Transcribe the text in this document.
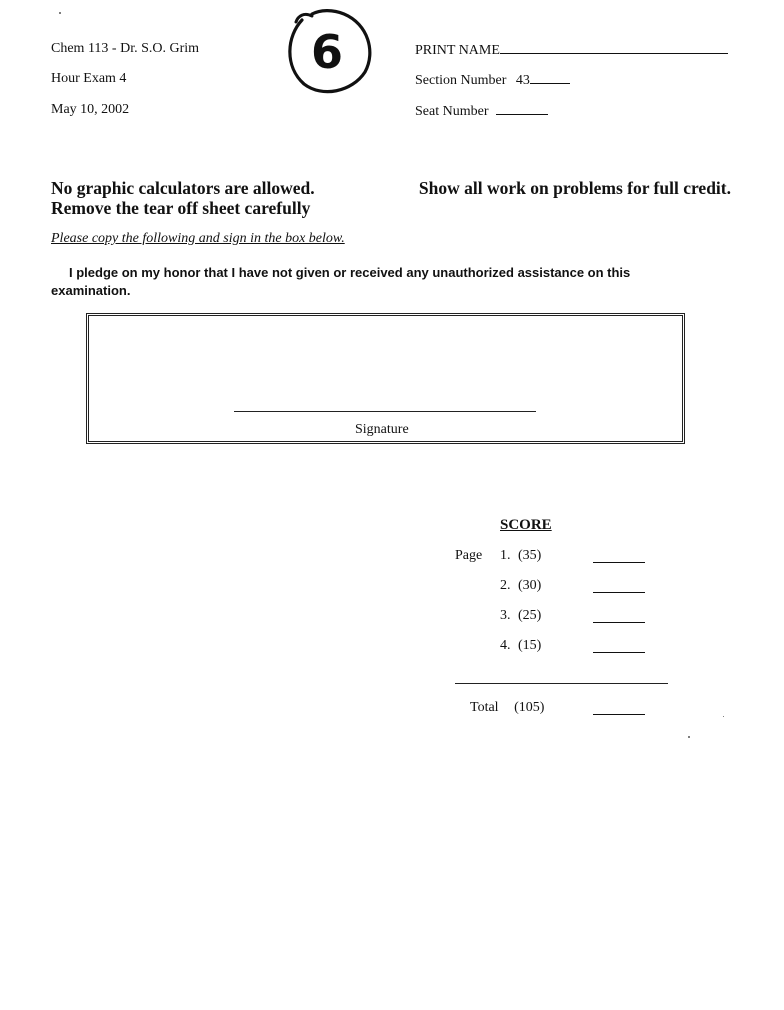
Chem 113 - Dr. S.O. Grim
Hour Exam 4
May 10, 2002
6	PRINT NAME
Section Number 43
Seat Number
No graphic calculators are allowed.	Show all work on problems for full credit.
Remove the tear off sheet carefully
Please copy the following and sign in the box below.
I pledge on my honor that I have not given or received any unauthorized assistance on this
examination.
Signature
SCORE
Page 1. (35)
2. (30)
3. (25)
4. (15)
Total (105)
